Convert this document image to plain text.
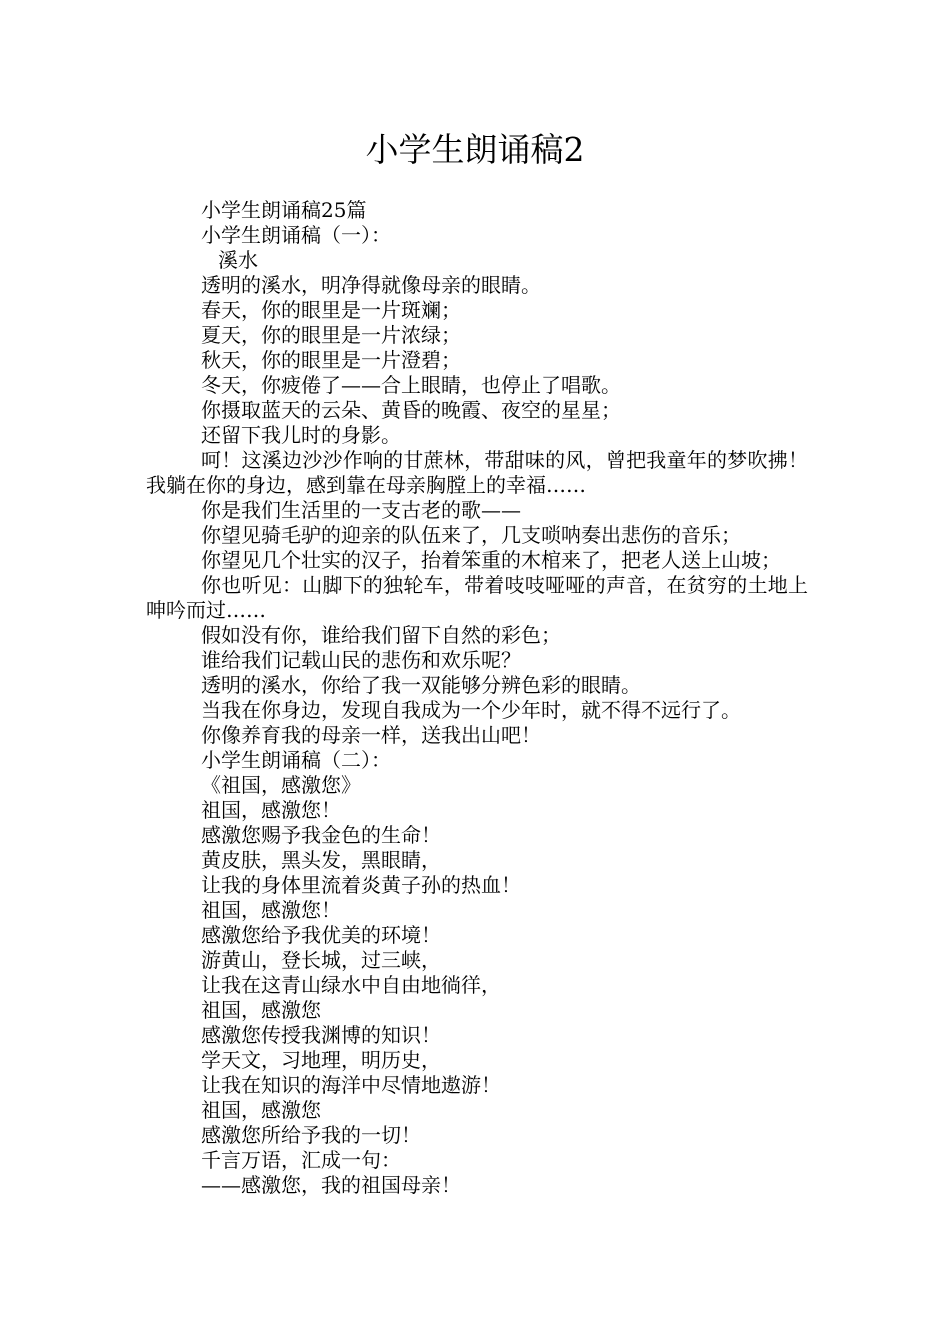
小学生朗诵稿2

小学生朗诵稿25篇

小学生朗诵稿（一）：

溪水

透明的溪水，明净得就像母亲的眼睛。

春天，你的眼里是一片斑斓；

夏天，你的眼里是一片浓绿；

秋天，你的眼里是一片澄碧；

冬天，你疲倦了——合上眼睛，也停止了唱歌。

你摄取蓝天的云朵、黄昏的晚霞、夜空的星星；

还留下我儿时的身影。

呵！这溪边沙沙作响的甘蔗林，带甜味的风，曾把我童年的梦吹拂！我躺在你的身边，感到靠在母亲胸膛上的幸福……

你是我们生活里的一支古老的歌——

你望见骑毛驴的迎亲的队伍来了，几支唢呐奏出悲伤的音乐；

你望见几个壮实的汉子，抬着笨重的木棺来了，把老人送上山坡；

你也听见：山脚下的独轮车，带着吱吱哑哑的声音，在贫穷的土地上呻吟而过……

假如没有你，谁给我们留下自然的彩色；

谁给我们记载山民的悲伤和欢乐呢？

透明的溪水，你给了我一双能够分辨色彩的眼睛。

当我在你身边，发现自我成为一个少年时，就不得不远行了。

你像养育我的母亲一样，送我出山吧！

小学生朗诵稿（二）：

《祖国，感激您》

祖国，感激您！

感激您赐予我金色的生命！

黄皮肤，黑头发，黑眼睛，

让我的身体里流着炎黄子孙的热血！

祖国，感激您！

感激您给予我优美的环境！

游黄山，登长城，过三峡，

让我在这青山绿水中自由地徜徉，

祖国，感激您

感激您传授我渊博的知识！

学天文，习地理，明历史，

让我在知识的海洋中尽情地遨游！

祖国，感激您

感激您所给予我的一切！

千言万语，汇成一句：

——感激您，我的祖国母亲！
